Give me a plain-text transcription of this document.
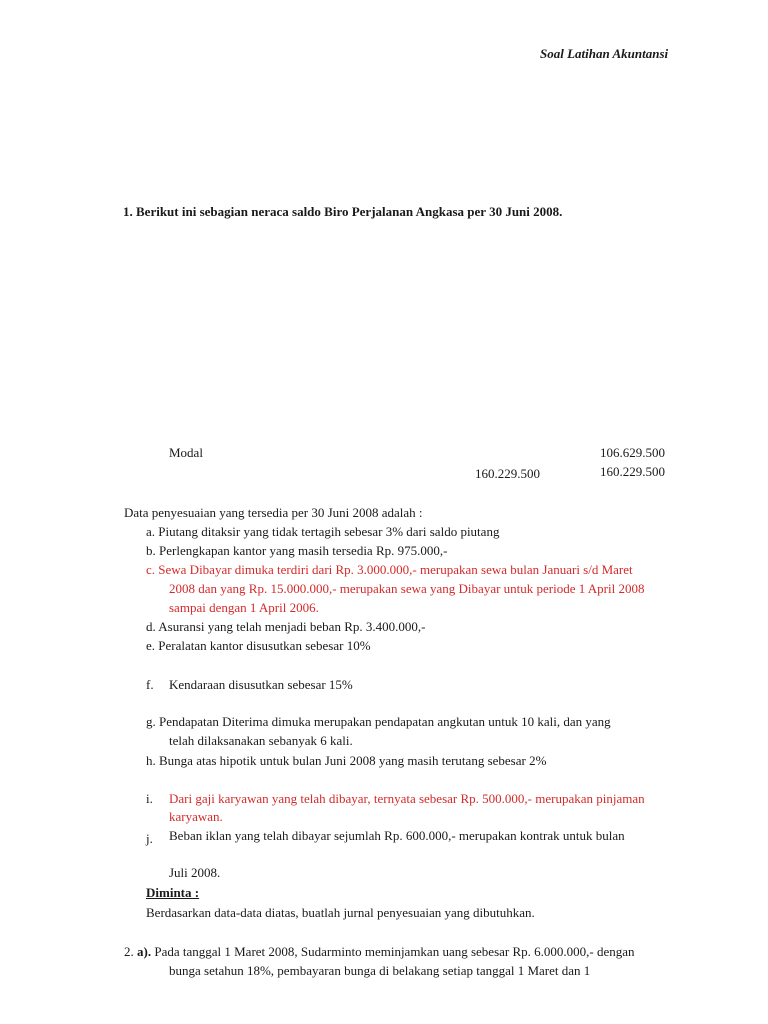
Soal Latihan Akuntansi
1. Berikut ini sebagian neraca saldo Biro Perjalanan Angkasa per 30 Juni 2008.
Modal	106.629.500
160.229.500	160.229.500
Data penyesuaian yang tersedia per 30 Juni 2008 adalah :
a. Piutang ditaksir yang tidak tertagih sebesar 3% dari saldo piutang
b. Perlengkapan kantor yang masih tersedia Rp. 975.000,-
c. Sewa Dibayar dimuka terdiri dari Rp. 3.000.000,- merupakan sewa bulan Januari s/d Maret
2008 dan yang Rp. 15.000.000,- merupakan sewa yang Dibayar untuk periode 1 April 2008
sampai dengan 1 April 2006.
d. Asuransi yang telah menjadi beban Rp. 3.400.000,-
e. Peralatan kantor disusutkan sebesar 10%
f. Kendaraan disusutkan sebesar 15%
g. Pendapatan Diterima dimuka merupakan pendapatan angkutan untuk 10 kali, dan yang
telah dilaksanakan sebanyak 6 kali.
h. Bunga atas hipotik untuk bulan Juni 2008 yang masih terutang sebesar 2%
i. Dari gaji karyawan yang telah dibayar, ternyata sebesar Rp. 500.000,- merupakan pinjaman
karyawan.
j. Beban iklan yang telah dibayar sejumlah Rp. 600.000,- merupakan kontrak untuk bulan
Juli 2008.
Diminta :
Berdasarkan data-data diatas, buatlah jurnal penyesuaian yang dibutuhkan.
2. a). Pada tanggal 1 Maret 2008, Sudarminto meminjamkan uang sebesar Rp. 6.000.000,- dengan
bunga setahun 18%, pembayaran bunga di belakang setiap tanggal 1 Maret dan 1
